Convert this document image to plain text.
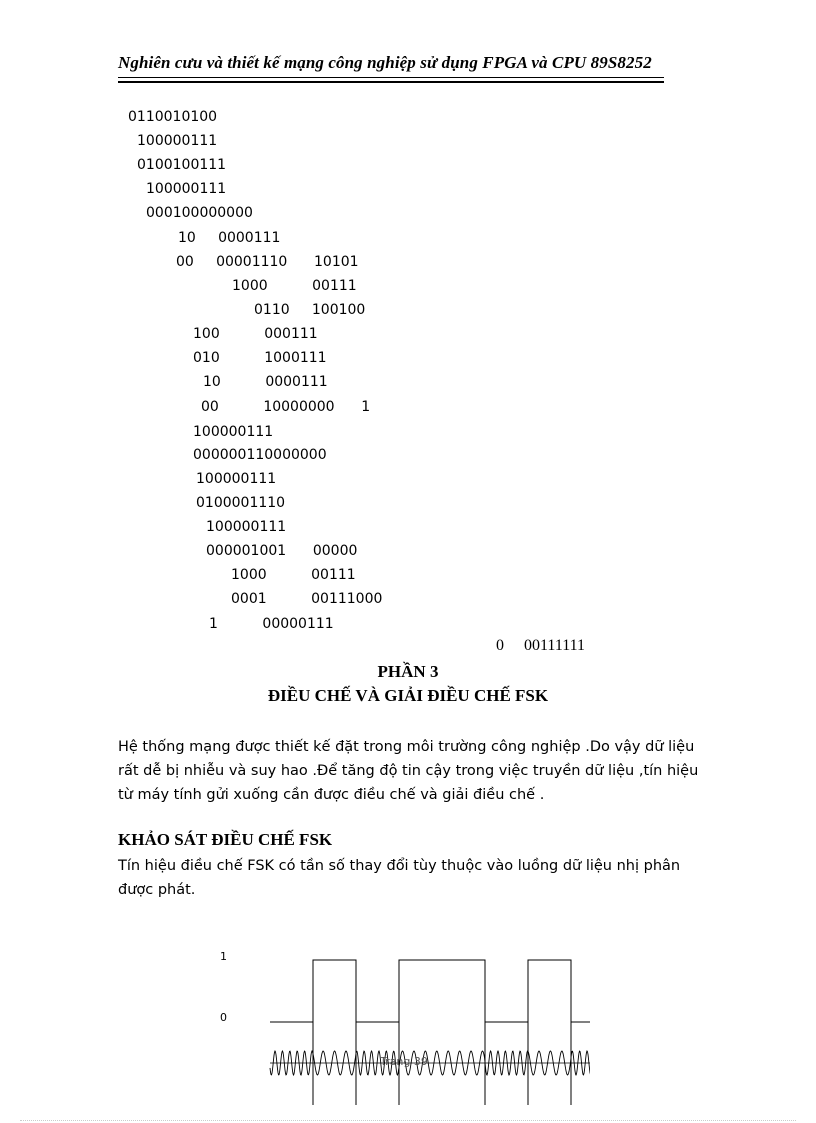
Nghiên cưu và thiết kế mạng công nghiệp sử dụng FPGA và CPU 89S8252
0110010100
100000111
0100100111
100000111
000100000000
10     0000111
00     00001110      10101
1000          00111
0110     100100
100          000111
010          1000111
10          0000111
00          10000000      1
100000111
000000110000000
100000111
0100001110
100000111
000001001      00000
1000          00111
0001          00111000
1          00000111
0     00111111
PHẦN 3
ĐIỀU CHẾ VÀ GIẢI ĐIỀU CHẾ FSK
Hệ thống mạng được thiết kế đặt trong môi trường công nghiệp .Do vậy dữ liệu rất dễ bị nhiễu và suy hao .Để tăng độ tin cậy trong việc truyền dữ liệu ,tín hiệu từ máy tính gửi xuống cần được điều chế và giải điều chế .
KHẢO SÁT ĐIỀU CHẾ FSK
Tín hiệu điều chế FSK có tần số thay đổi tùy thuộc vào luồng dữ liệu nhị phân được phát.
1
0
Trang 39
